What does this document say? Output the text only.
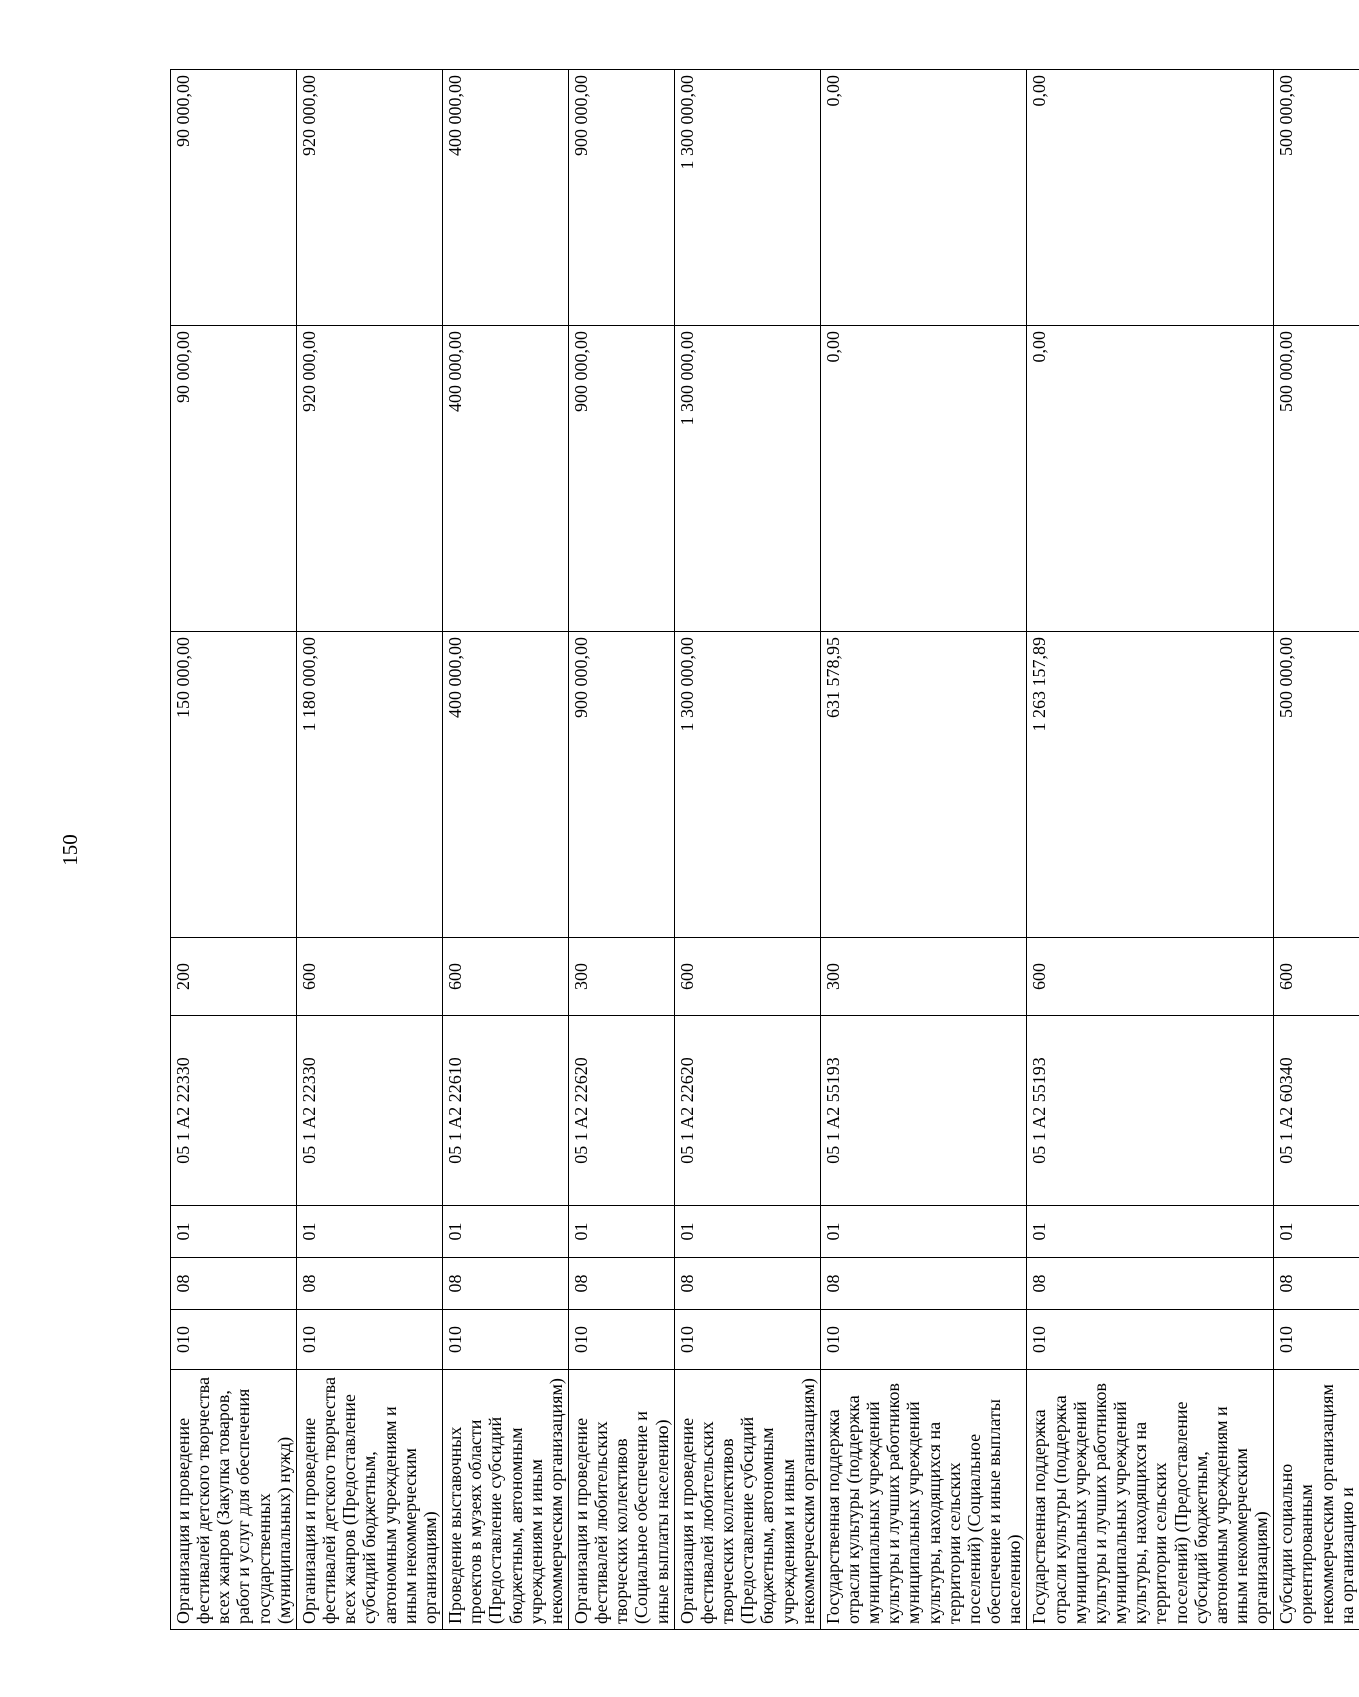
150
Организация и проведение фестивалей детского творчества всех жанров (Закупка товаров, работ и услуг для обеспечения государственных (муниципальных) нужд)	010	08	01	05 1 A2 22330	200	150 000,00	90 000,00	90 000,00
Организация и проведение фестивалей детского творчества всех жанров (Предоставление субсидий бюджетным, автономным учреждениям и иным некоммерческим организациям)	010	08	01	05 1 A2 22330	600	1 180 000,00	920 000,00	920 000,00
Проведение выставочных проектов в музеях области (Предоставление субсидий бюджетным, автономным учреждениям и иным некоммерческим организациям)	010	08	01	05 1 A2 22610	600	400 000,00	400 000,00	400 000,00
Организация и проведение фестивалей любительских творческих коллективов (Социальное обеспечение и иные выплаты населению)	010	08	01	05 1 A2 22620	300	900 000,00	900 000,00	900 000,00
Организация и проведение фестивалей любительских творческих коллективов (Предоставление субсидий бюджетным, автономным учреждениям и иным некоммерческим организациям)	010	08	01	05 1 A2 22620	600	1 300 000,00	1 300 000,00	1 300 000,00
Государственная поддержка отрасли культуры (поддержка муниципальных учреждений культуры и лучших работников муниципальных учреждений культуры, находящихся на территории сельских поселений) (Социальное обеспечение и иные выплаты населению)	010	08	01	05 1 A2 55193	300	631 578,95	0,00	0,00
Государственная поддержка отрасли культуры (поддержка муниципальных учреждений культуры и лучших работников муниципальных учреждений культуры, находящихся на территории сельских поселений) (Предоставление субсидий бюджетным, автономным учреждениям и иным некоммерческим организациям)	010	08	01	05 1 A2 55193	600	1 263 157,89	0,00	0,00
Субсидии социально ориентированным некоммерческим организациям на организацию и	010	08	01	05 1 A2 60340	600	500 000,00	500 000,00	500 000,00
